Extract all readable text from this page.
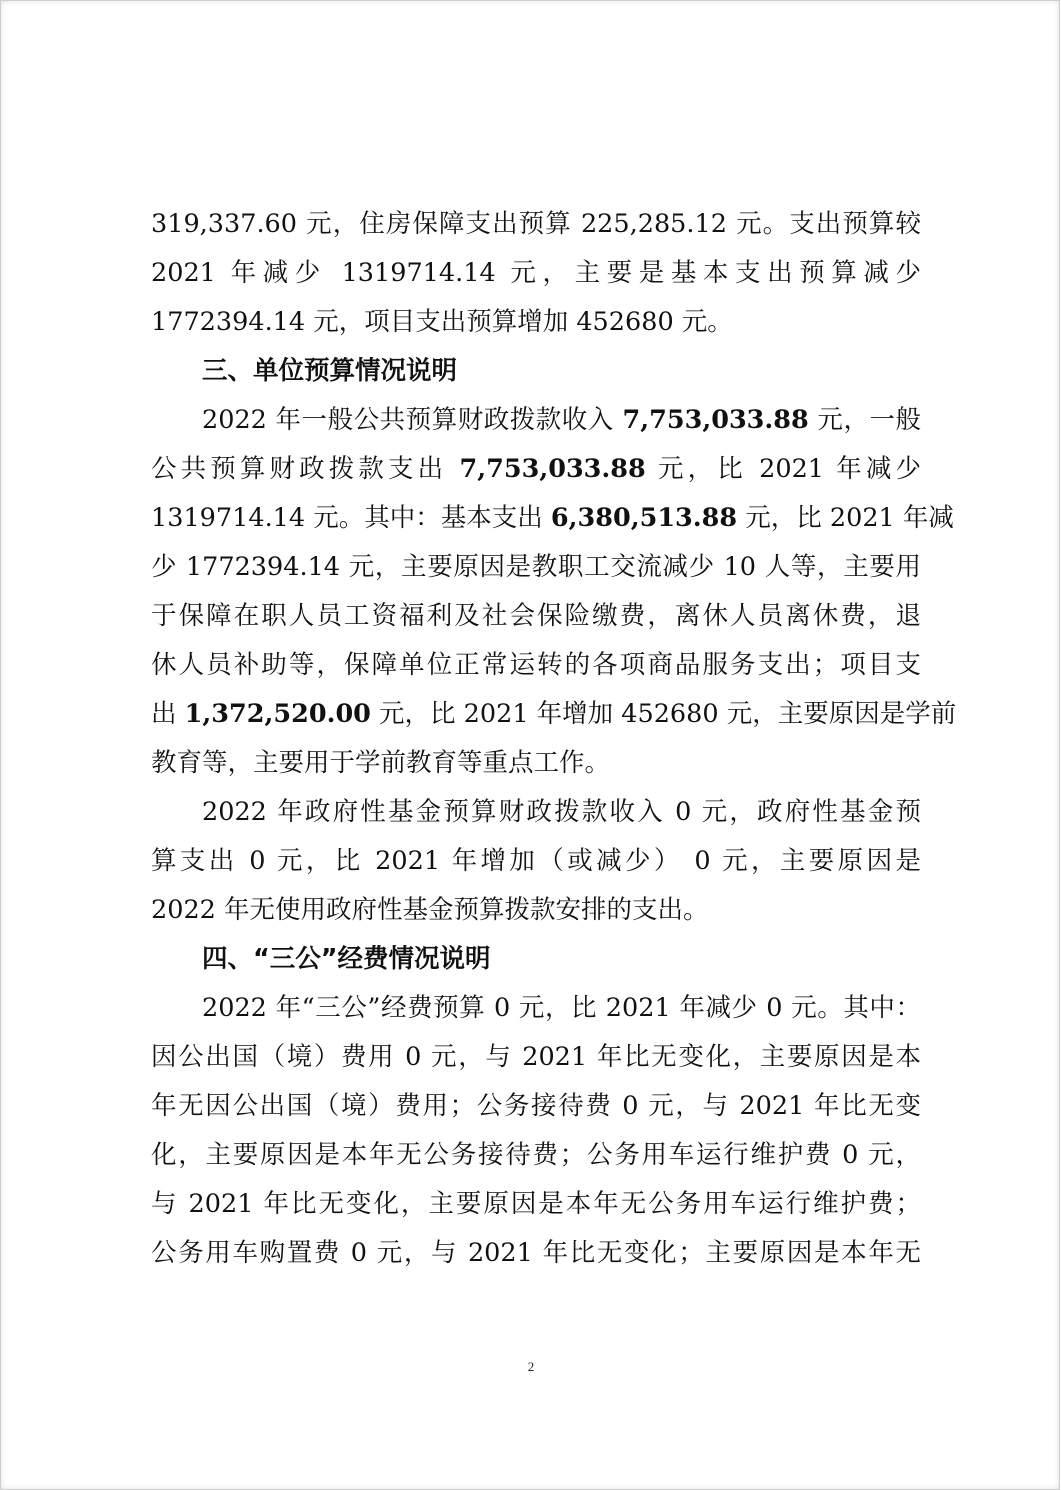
319,337.60 元，住房保障支出预算 225,285.12 元。支出预算较
2021 年减少 1319714.14 元，主要是基本支出预算减少
1772394.14 元，项目支出预算增加 452680 元。
三、单位预算情况说明
2022 年一般公共预算财政拨款收入 7,753,033.88 元，一般
公共预算财政拨款支出 7,753,033.88 元，比 2021 年减少
1319714.14 元。其中：基本支出 6,380,513.88 元，比 2021 年减
少 1772394.14 元，主要原因是教职工交流减少 10 人等，主要用
于保障在职人员工资福利及社会保险缴费，离休人员离休费，退
休人员补助等，保障单位正常运转的各项商品服务支出；项目支
出 1,372,520.00 元，比 2021 年增加 452680 元，主要原因是学前
教育等，主要用于学前教育等重点工作。
2022 年政府性基金预算财政拨款收入 0 元，政府性基金预
算支出 0 元，比 2021 年增加（或减少） 0 元，主要原因是
2022 年无使用政府性基金预算拨款安排的支出。
四、“三公”经费情况说明
2022 年“三公”经费预算 0 元，比 2021 年减少 0 元。其中：
因公出国（境）费用 0 元，与 2021 年比无变化，主要原因是本
年无因公出国（境）费用；公务接待费 0 元，与 2021 年比无变
化，主要原因是本年无公务接待费；公务用车运行维护费 0 元，
与 2021 年比无变化，主要原因是本年无公务用车运行维护费；
公务用车购置费 0 元，与 2021 年比无变化；主要原因是本年无
2
